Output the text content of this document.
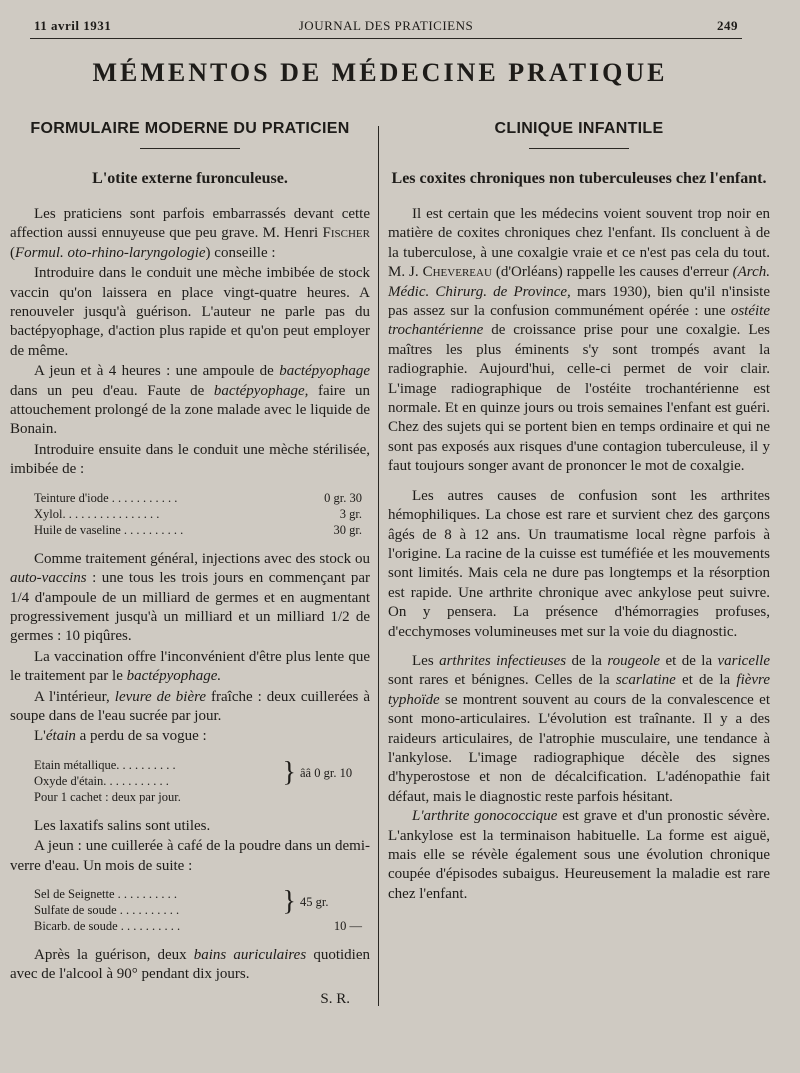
11 avril 1931	JOURNAL DES PRATICIENS	249
MÉMENTOS DE MÉDECINE PRATIQUE
FORMULAIRE MODERNE DU PRATICIEN
L'otite externe furonculeuse.

Les praticiens sont parfois embarrassés devant cette affection aussi ennuyeuse que peu grave. M. Henri Fischer (Formul. oto-rhino-laryngologie) conseille :

Introduire dans le conduit une mèche imbibée de stock vaccin qu'on laissera en place vingt-quatre heures. A renouveler jusqu'à guérison. L'auteur ne parle pas du bactépyophage, d'action plus rapide et qu'on peut employer de même.

A jeun et à 4 heures : une ampoule de bactépyophage dans un peu d'eau. Faute de bactépyophage, faire un attouchement prolongé de la zone malade avec le liquide de Bonain.

Introduire ensuite dans le conduit une mèche stérilisée, imbibée de :

Teinture d'iode . . . . . . . . . . .	0 gr. 30
Xylol. . . . . . . . . . . . . . . .	3 gr.
Huile de vaseline . . . . . . . . . .	30 gr.

Comme traitement général, injections avec des stock ou auto-vaccins : une tous les trois jours en commençant par 1/4 d'ampoule de un milliard de germes et en augmentant progressivement jusqu'à un milliard et un milliard 1/2 de germes : 10 piqûres.

La vaccination offre l'inconvénient d'être plus lente que le traitement par le bactépyophage.

A l'intérieur, levure de bière fraîche : deux cuillerées à soupe dans de l'eau sucrée par jour.

L'étain a perdu de sa vogue :

Etain métallique. . . . . . . . . .
Oxyde d'étain. . . . . . . . . . .	} ââ 0 gr. 10
Pour 1 cachet : deux par jour.

Les laxatifs salins sont utiles.

A jeun : une cuillerée à café de la poudre dans un demi-verre d'eau. Un mois de suite :

Sel de Seignette . . . . . . . . . .
Sulfate de soude . . . . . . . . . .	} 45 gr.
Bicarb. de soude . . . . . . . . . .	10 —

Après la guérison, deux bains auriculaires quotidien avec de l'alcool à 90° pendant dix jours.

S. R.
CLINIQUE INFANTILE
Les coxites chroniques non tuberculeuses chez l'enfant.

Il est certain que les médecins voient souvent trop noir en matière de coxites chroniques chez l'enfant. Ils concluent à de la tuberculose, à une coxalgie vraie et ce n'est pas cela du tout. M. J. Chevereau (d'Orléans) rappelle les causes d'erreur (Arch. Médic. Chirurg. de Province, mars 1930), bien qu'il n'insiste pas assez sur la confusion communément opérée : une ostéite trochantérienne de croissance prise pour une coxalgie. Les maîtres les plus éminents s'y sont trompés avant la radiographie. Aujourd'hui, celle-ci permet de voir clair. L'image radiographique de l'ostéite trochantérienne est normale. Et en quinze jours ou trois semaines l'enfant est guéri. Chez des sujets qui se portent bien en temps ordinaire et qui ne sont pas exposés aux risques d'une contagion tuberculeuse, il y faut toujours songer avant de prononcer le mot de coxalgie.

Les autres causes de confusion sont les arthrites hémophiliques. La chose est rare et survient chez des garçons âgés de 8 à 12 ans. Un traumatisme local règne parfois à l'origine. La racine de la cuisse est tuméfiée et les mouvements sont limités. Mais cela ne dure pas longtemps et la résorption est rapide. Une arthrite chronique avec ankylose peut suivre. On y pensera. La présence d'hémorragies profuses, d'ecchymoses volumineuses met sur la voie du diagnostic.

Les arthrites infectieuses de la rougeole et de la varicelle sont rares et bénignes. Celles de la scarlatine et de la fièvre typhoïde se montrent souvent au cours de la convalescence et sont mono-articulaires. L'évolution est traînante. Il y a des raideurs articulaires, de l'atrophie musculaire, une tendance à l'ankylose. L'image radiographique décèle des signes d'hyperostose et non de décalcification. L'adénopathie fait défaut, mais le diagnostic reste parfois hésitant.

L'arthrite gonococcique est grave et d'un pronostic sévère. L'ankylose est la terminaison habituelle. La forme est aiguë, mais elle se révèle également sous une évolution chronique coupée d'épisodes subaigus. Heureusement la maladie est rare chez l'enfant.
